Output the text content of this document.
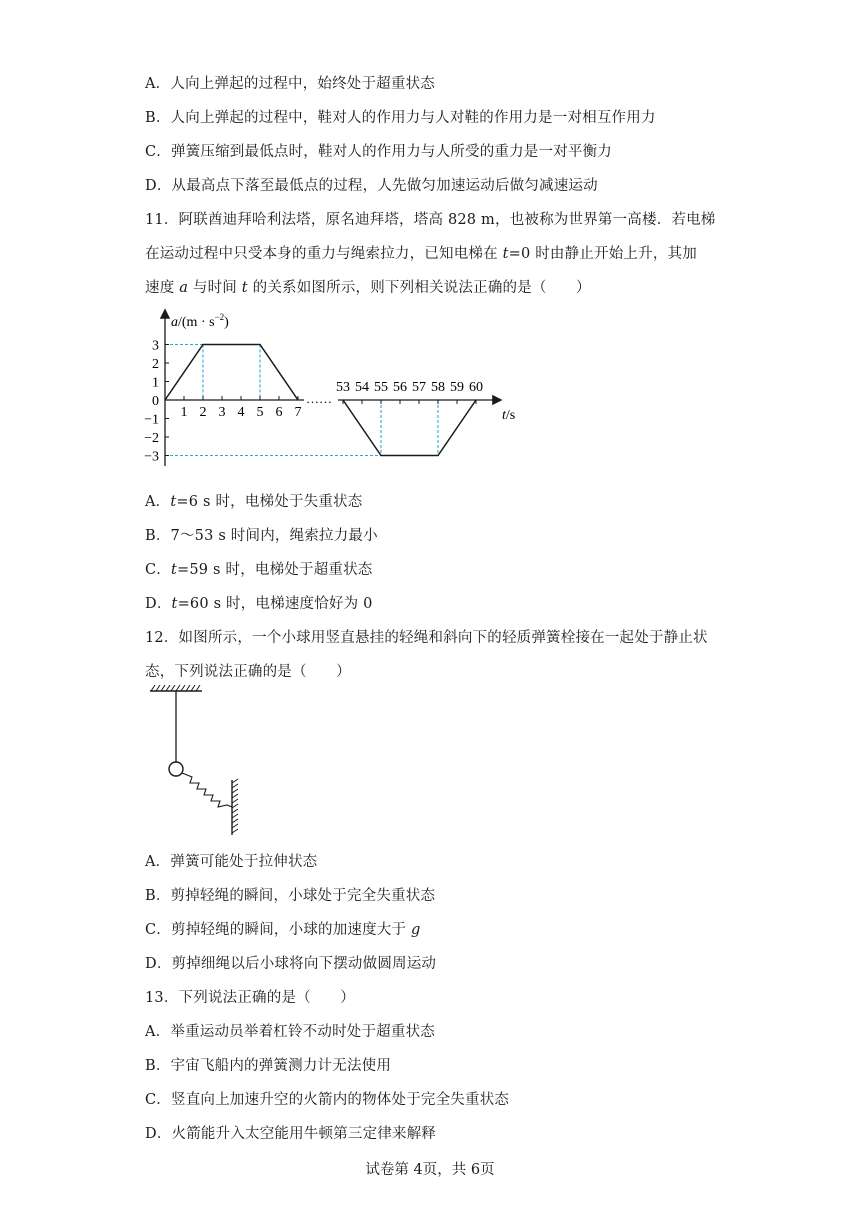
A．人向上弹起的过程中，始终处于超重状态
B．人向上弹起的过程中，鞋对人的作用力与人对鞋的作用力是一对相互作用力
C．弹簧压缩到最低点时，鞋对人的作用力与人所受的重力是一对平衡力
D．从最高点下落至最低点的过程，人先做匀加速运动后做匀减速运动
11．阿联酋迪拜哈利法塔，原名迪拜塔，塔高 828 m，也被称为世界第一高楼．若电梯
在运动过程中只受本身的重力与绳索拉力，已知电梯在 t=0 时由静止开始上升，其加
速度 a 与时间 t 的关系如图所示，则下列相关说法正确的是（　　）
……
$a/(m \cdot s^{-2})$
t/s
3
2
1
0
−1
−2
−3
1 2 3 4 5 6 7
53 54 55 56 57 58 59 60
A．t=6 s 时，电梯处于失重状态
B．7～53 s 时间内，绳索拉力最小
C．t=59 s 时，电梯处于超重状态
D．t=60 s 时，电梯速度恰好为 0
12．如图所示，一个小球用竖直悬挂的轻绳和斜向下的轻质弹簧栓接在一起处于静止状
态，下列说法正确的是（　　）
A．弹簧可能处于拉伸状态
B．剪掉轻绳的瞬间，小球处于完全失重状态
C．剪掉轻绳的瞬间，小球的加速度大于 g
D．剪掉细绳以后小球将向下摆动做圆周运动
13．下列说法正确的是（　　）
A．举重运动员举着杠铃不动时处于超重状态
B．宇宙飞船内的弹簧测力计无法使用
C．竖直向上加速升空的火箭内的物体处于完全失重状态
D．火箭能升入太空能用牛顿第三定律来解释
试卷第 4页，共 6页
